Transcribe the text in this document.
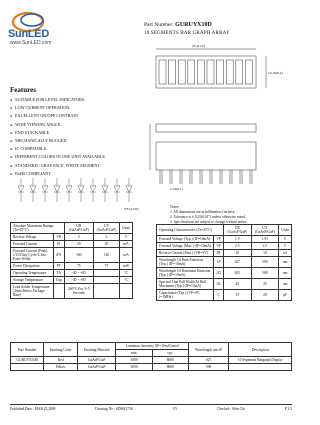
SunLED
www.SunLED.com
Part Number: GURUYX10D
10 SEGMENTS BAR GRAPH ARRAY
Features
● SUITABLE FOR LEVEL INDICATORS.
● LOW CURRENT OPERATION.
● EXCELLENT ON/OFF CONTRAST
● WIDE VIEWING ANGLE.
● END STACKABLE.
● MECHANICALLY RUGGED.
● IC COMPATIBLE.
● DIFFERENT COLORS IN ONE UNIT AVAILABLE.
● STANDARD : GRAY FACE, WHITE SEGMENT.
● RoHS COMPLIANT.
25.4(1.0)
10.16(0.4)
2.54(0.1)
YELLOW	Notes:
1. All dimensions are in millimeters (inches).
2. Tolerance is ± 0.25(0.01") unless otherwise noted.
3. Specifications are subject to change without notice.
Absolute Maximum Ratings (Ta=25°C)		UR (GaAsP/GaP)	UY (GaAsP/GaP)	Units
Reverse Voltage	VR	5	5	V
Forward Current	IF	30	30	mA
Forward Current (Peak) 1/10 Duty Cycle 0.1ms Pulse Width	iFS	160	140	mA
Power Dissipation	PT	75	75	mW
Operating Temperature	TA	-40 ~ +85		°C
Storage Temperature	Tstg	-40 ~ +85		°C
Lead Solder Temperature [2mm Below Package Base]		260°C For 3~5 Seconds		
Operating Characteristics (Ta=25°C)		UR (GaAsP/GaP)	UY (GaAsP/GaP)	Units
Forward Voltage (Typ.) (IF=10mA)	VF	1.9	1.95	V
Forward Voltage (Max.) (IF=10mA)	VF	2.5	2.5	V
Reverse Current (Max.) (VR=5V)	IR	10	10	uA
Wavelength Of Peak Emission (Typ.) (IF=10mA)	λP	627	590	nm
Wavelength Of Dominant Emission (Typ.) (IF=10mA)	λD	625	588	nm
Spectral Line Full Width At Half Maximum (Typ.) (IF=10mA)	Δλ	45	35	nm
Capacitance (Typ.) (VF=0V, f=1MHz)	C	15	20	pF
Part Number	Emitting Color	Emitting Material	Luminous Intensity (IF=10mA) mcd		Wavelength nm λP	Description
			min.	typ.		
GURUYX10D	Red	GaAsP/GaP	3000	8000	627	10 Segments Bargraph Display
	Yellow	GaAsP/GaP	3000	8000	590	
Published Date : MAR 23,2009	Drawing No : SDBA3736	V5	Checked : Shin Chi	P 1/3
